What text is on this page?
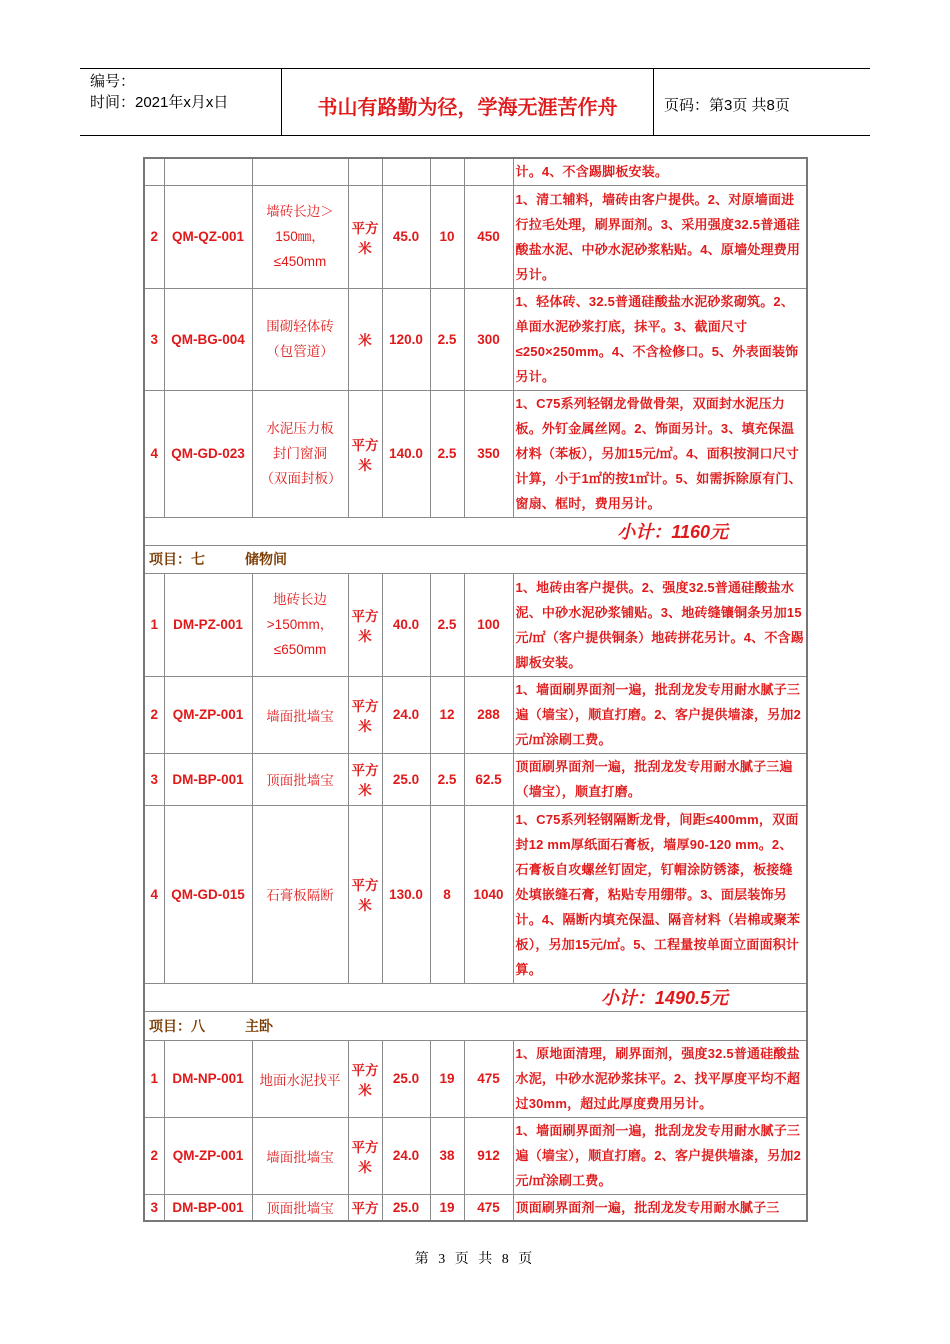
编号：
时间：2021年x月x日	书山有路勤为径，学海无涯苦作舟	页码：第3页 共8页
							计。4、不含踢脚板安装。
2	QM-QZ-001	墙砖长边＞150㎜，≤450mm	平方米	45.0	10	450	1、清工辅料，墙砖由客户提供。2、对原墙面进行拉毛处理，刷界面剂。3、采用强度32.5普通硅酸盐水泥、中砂水泥砂浆粘贴。4、原墙处理费用另计。
3	QM-BG-004	围砌轻体砖（包管道）	米	120.0	2.5	300	1、轻体砖、32.5普通硅酸盐水泥砂浆砌筑。2、单面水泥砂浆打底，抹平。3、截面尺寸≤250×250mm。4、不含检修口。5、外表面装饰另计。
4	QM-GD-023	水泥压力板封门窗洞（双面封板）	平方米	140.0	2.5	350	1、C75系列轻钢龙骨做骨架，双面封水泥压力板。外钉金属丝网。2、饰面另计。3、填充保温材料（苯板），另加15元/㎡。4、面积按洞口尺寸计算，小于1㎡的按1㎡计。5、如需拆除原有门、窗扇、框时，费用另计。
小计：1160元							
项目：七 储物间							
1	DM-PZ-001	地砖长边>150mm，≤650mm	平方米	40.0	2.5	100	1、地砖由客户提供。2、强度32.5普通硅酸盐水泥、中砂水泥砂浆铺贴。3、地砖缝镶铜条另加15元/㎡（客户提供铜条）地砖拼花另计。4、不含踢脚板安装。
2	QM-ZP-001	墙面批墙宝	平方米	24.0	12	288	1、墙面刷界面剂一遍，批刮龙发专用耐水腻子三遍（墙宝），顺直打磨。2、客户提供墙漆，另加2元/㎡涂刷工费。
3	DM-BP-001	顶面批墙宝	平方米	25.0	2.5	62.5	顶面刷界面剂一遍，批刮龙发专用耐水腻子三遍（墙宝），顺直打磨。
4	QM-GD-015	石膏板隔断	平方米	130.0	8	1040	1、C75系列轻钢隔断龙骨，间距≤400mm，双面封12 mm厚纸面石膏板，墙厚90-120 mm。2、石膏板自攻螺丝钉固定，钉帽涂防锈漆，板接缝处填嵌缝石膏，粘贴专用绷带。3、面层装饰另计。4、隔断内填充保温、隔音材料（岩棉或聚苯板），另加15元/㎡。5、工程量按单面立面面积计算。
小计：1490.5元							
项目：八 主卧							
1	DM-NP-001	地面水泥找平	平方米	25.0	19	475	1、原地面清理，刷界面剂，强度32.5普通硅酸盐水泥，中砂水泥砂浆抹平。2、找平厚度平均不超过30mm，超过此厚度费用另计。
2	QM-ZP-001	墙面批墙宝	平方米	24.0	38	912	1、墙面刷界面剂一遍，批刮龙发专用耐水腻子三遍（墙宝），顺直打磨。2、客户提供墙漆，另加2元/㎡涂刷工费。
3	DM-BP-001	顶面批墙宝	平方	25.0	19	475	顶面刷界面剂一遍，批刮龙发专用耐水腻子三
第 3 页 共 8 页
